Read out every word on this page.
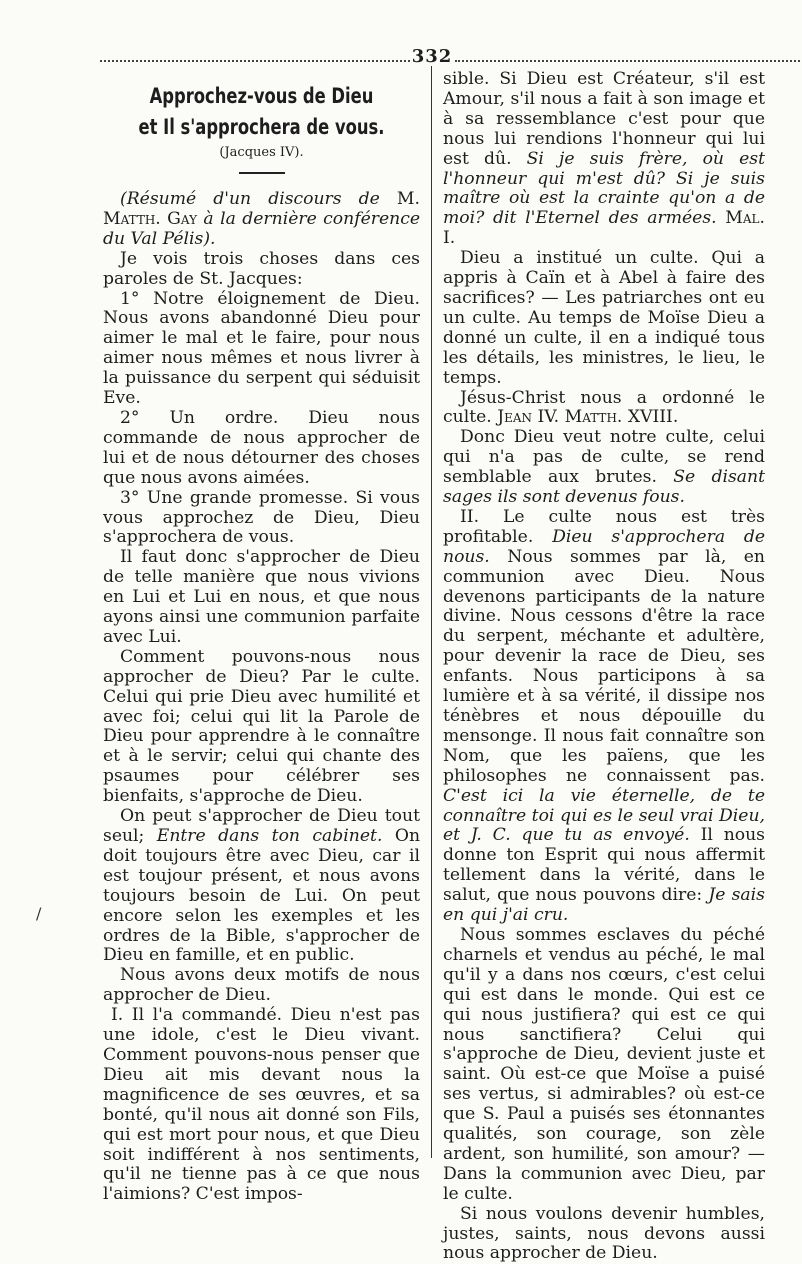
332
/

Approchez-vous de Dieu

et Il s'approchera de vous.

(Jacques IV).

(Résumé d'un discours de M. Matth. Gay à la dernière conférence du Val Pélis).

Je vois trois choses dans ces paroles de St. Jacques:

1° Notre éloignement de Dieu. Nous avons abandonné Dieu pour aimer le mal et le faire, pour nous aimer nous mêmes et nous livrer à la puissance du serpent qui séduisit Eve.

2° Un ordre. Dieu nous commande de nous approcher de lui et de nous détourner des choses que nous avons aimées.

3° Une grande promesse. Si vous vous approchez de Dieu, Dieu s'approchera de vous.

Il faut donc s'approcher de Dieu de telle manière que nous vivions en Lui et Lui en nous, et que nous ayons ainsi une communion parfaite avec Lui.

Comment pouvons-nous nous approcher de Dieu? Par le culte. Celui qui prie Dieu avec humilité et avec foi; celui qui lit la Parole de Dieu pour apprendre à le connaître et à le servir; celui qui chante des psaumes pour célébrer ses bienfaits, s'approche de Dieu.

On peut s'approcher de Dieu tout seul; Entre dans ton cabinet. On doit toujours être avec Dieu, car il est toujour présent, et nous avons toujours besoin de Lui. On peut encore selon les exemples et les ordres de la Bible, s'approcher de Dieu en famille, et en public.

Nous avons deux motifs de nous approcher de Dieu.

I. Il l'a commandé. Dieu n'est pas une idole, c'est le Dieu vivant. Comment pouvons-nous penser que Dieu ait mis devant nous la magnificence de ses œuvres, et sa bonté, qu'il nous ait donné son Fils, qui est mort pour nous, et que Dieu soit indifférent à nos sentiments, qu'il ne tienne pas à ce que nous l'aimions? C'est impos-

sible. Si Dieu est Créateur, s'il est Amour, s'il nous a fait à son image et à sa ressemblance c'est pour que nous lui rendions l'honneur qui lui est dû. Si je suis frère, où est l'honneur qui m'est dû? Si je suis maître où est la crainte qu'on a de moi? dit l'Eternel des armées. Mal. I.

Dieu a institué un culte. Qui a appris à Caïn et à Abel à faire des sacrifices? — Les patriarches ont eu un culte. Au temps de Moïse Dieu a donné un culte, il en a indiqué tous les détails, les ministres, le lieu, le temps.

Jésus-Christ nous a ordonné le culte. Jean IV. Matth. XVIII.

Donc Dieu veut notre culte, celui qui n'a pas de culte, se rend semblable aux brutes. Se disant sages ils sont devenus fous.

II. Le culte nous est très profitable. Dieu s'approchera de nous. Nous sommes par là, en communion avec Dieu. Nous devenons participants de la nature divine. Nous cessons d'être la race du serpent, méchante et adultère, pour devenir la race de Dieu, ses enfants. Nous participons à sa lumière et à sa vérité, il dissipe nos ténèbres et nous dépouille du mensonge. Il nous fait connaître son Nom, que les païens, que les philosophes ne connaissent pas. C'est ici la vie éternelle, de te connaître toi qui es le seul vrai Dieu, et J. C. que tu as envoyé. Il nous donne ton Esprit qui nous affermit tellement dans la vérité, dans le salut, que nous pouvons dire: Je sais en qui j'ai cru.

Nous sommes esclaves du péché charnels et vendus au péché, le mal qu'il y a dans nos cœurs, c'est celui qui est dans le monde. Qui est ce qui nous justifiera? qui est ce qui nous sanctifiera? Celui qui s'approche de Dieu, devient juste et saint. Où est-ce que Moïse a puisé ses vertus, si admirables? où est-ce que S. Paul a puisés ses étonnantes qualités, son courage, son zèle ardent, son humilité, son amour? — Dans la communion avec Dieu, par le culte.

Si nous voulons devenir humbles, justes, saints, nous devons aussi nous approcher de Dieu.
